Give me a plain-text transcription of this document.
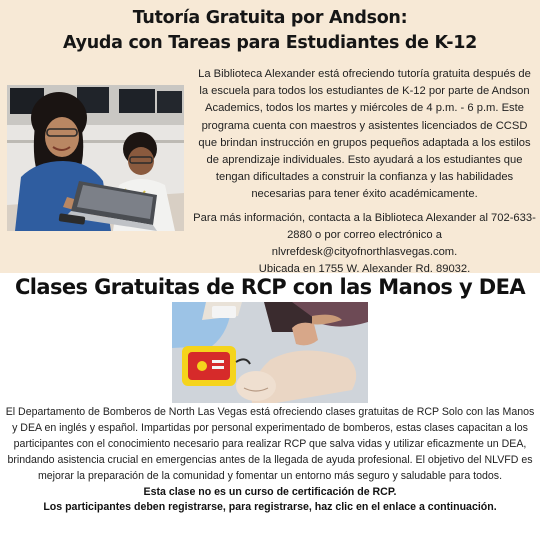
Tutoría Gratuita por Andson:
Ayuda con Tareas para Estudiantes de K-12

La Biblioteca Alexander está ofreciendo tutoría gratuita después de la escuela para todos los estudiantes de K-12 por parte de Andson Academics, todos los martes y miércoles de 4 p.m. - 6 p.m. Este programa cuenta con maestros y asistentes licenciados de CCSD que brindan instrucción en grupos pequeños adaptada a los estilos de aprendizaje individuales. Esto ayudará a los estudiantes que tengan dificultades a construir la confianza y las habilidades necesarias para tener éxito académicamente.

Para más información, contacta a la Biblioteca Alexander al 702-633-2880 o por correo electrónico a nlvrefdesk@cityofnorthlasvegas.com.

Ubicada en 1755 W. Alexander Rd. 89032.

Clases Gratuitas de RCP con las Manos y DEA

El Departamento de Bomberos de North Las Vegas está ofreciendo clases gratuitas de RCP Solo con las Manos y DEA en inglés y español. Impartidas por personal experimentado de bomberos, estas clases capacitan a los participantes con el conocimiento necesario para realizar RCP que salva vidas y utilizar eficazmente un DEA, brindando asistencia crucial en emergencias antes de la llegada de ayuda profesional. El objetivo del NLVFD es mejorar la preparación de la comunidad y fomentar un entorno más seguro y saludable para todos.

Esta clase no es un curso de certificación de RCP.

Los participantes deben registrarse, para registrarse, haz clic en el enlace a continuación.
